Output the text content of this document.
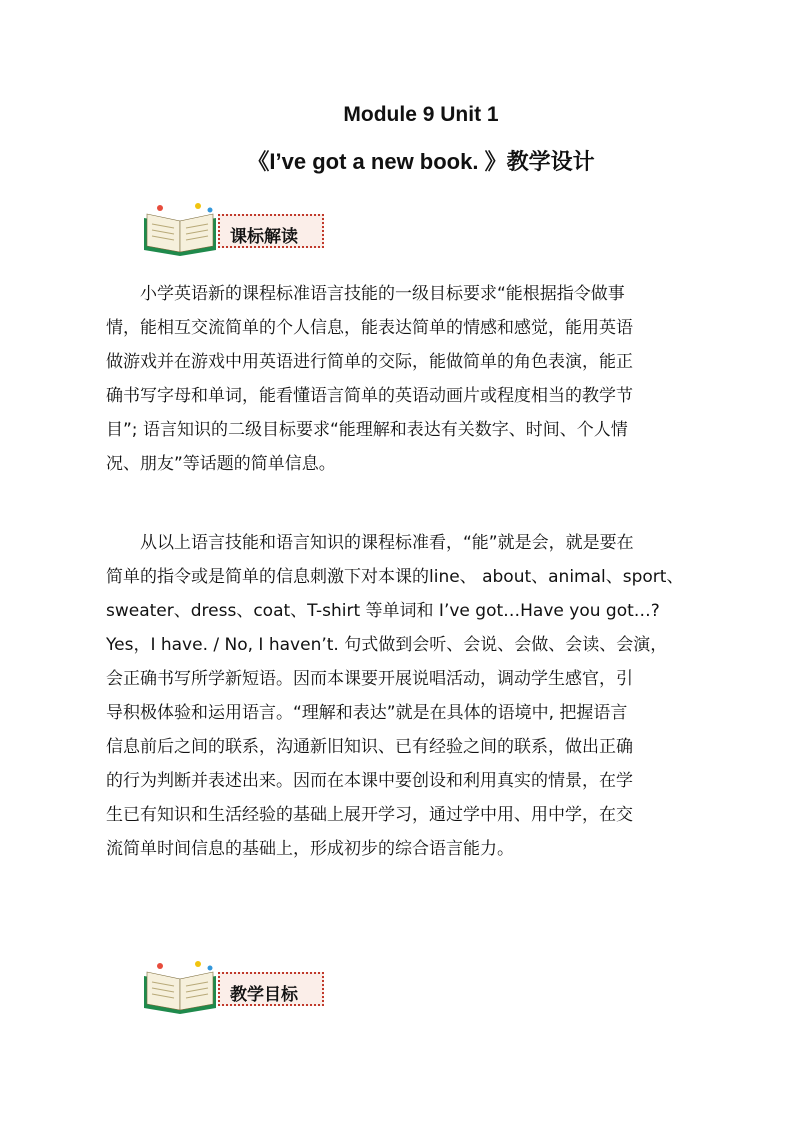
Module 9 Unit 1
《I’ve got a new book. 》教学设计
课标解读

小学英语新的课程标准语言技能的一级目标要求“能根据指令做事
情，能相互交流简单的个人信息，能表达简单的情感和感觉，能用英语
做游戏并在游戏中用英语进行简单的交际，能做简单的角色表演，能正
确书写字母和单词，能看懂语言简单的英语动画片或程度相当的教学节
目”; 语言知识的二级目标要求“能理解和表达有关数字、时间、个人情
况、朋友”等话题的简单信息。

从以上语言技能和语言知识的课程标准看，“能”就是会，就是要在
简单的指令或是简单的信息刺激下对本课的line、 about、animal、sport、
sweater、dress、coat、T-shirt 等单词和 I’ve got…Have you got…?
Yes，I have. / No, I haven’t. 句式做到会听、会说、会做、会读、会演，
会正确书写所学新短语。因而本课要开展说唱活动，调动学生感官，引
导积极体验和运用语言。“理解和表达”就是在具体的语境中, 把握语言
信息前后之间的联系，沟通新旧知识、已有经验之间的联系，做出正确
的行为判断并表述出来。因而在本课中要创设和利用真实的情景，在学
生已有知识和生活经验的基础上展开学习，通过学中用、用中学，在交
流简单时间信息的基础上，形成初步的综合语言能力。

教学目标
